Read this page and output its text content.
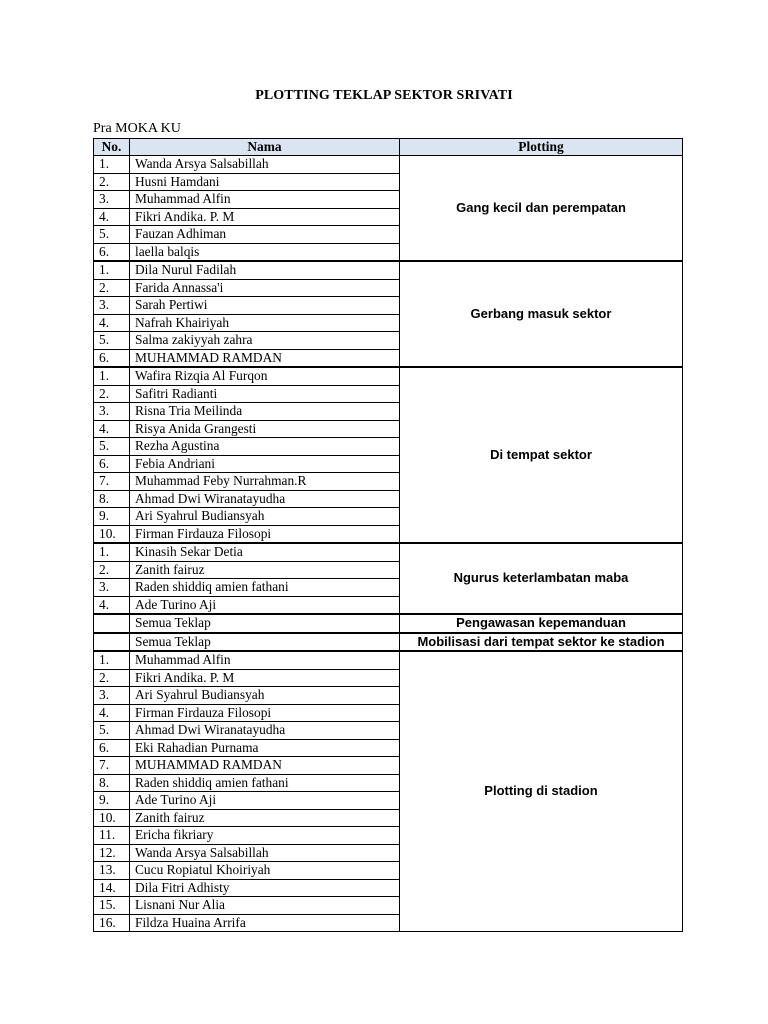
PLOTTING TEKLAP SEKTOR SRIVATI
Pra MOKA KU
No.	Nama	Plotting
1.	Wanda Arsya Salsabillah	Gang kecil dan perempatan
2.	Husni Hamdani	
3.	Muhammad Alfin	
4.	Fikri Andika. P. M	
5.	Fauzan Adhiman	
6.	laella balqis	
1.	Dila Nurul Fadilah	Gerbang masuk sektor
2.	Farida Annassa'i	
3.	Sarah Pertiwi	
4.	Nafrah Khairiyah	
5.	Salma zakiyyah zahra	
6.	MUHAMMAD RAMDAN	
1.	Wafira Rizqia Al Furqon	Di tempat sektor
2.	Safitri Radianti	
3.	Risna Tria Meilinda	
4.	Risya Anida Grangesti	
5.	Rezha Agustina	
6.	Febia Andriani	
7.	Muhammad Feby Nurrahman.R	
8.	Ahmad Dwi Wiranatayudha	
9.	Ari Syahrul Budiansyah	
10.	Firman Firdauza Filosopi	
1.	Kinasih Sekar Detia	Ngurus keterlambatan maba
2.	Zanith fairuz	
3.	Raden shiddiq amien fathani	
4.	Ade Turino Aji	
	Semua Teklap	Pengawasan kepemanduan
	Semua Teklap	Mobilisasi dari tempat sektor ke stadion
1.	Muhammad Alfin	Plotting di stadion
2.	Fikri Andika. P. M	
3.	Ari Syahrul Budiansyah	
4.	Firman Firdauza Filosopi	
5.	Ahmad Dwi Wiranatayudha	
6.	Eki Rahadian Purnama	
7.	MUHAMMAD RAMDAN	
8.	Raden shiddiq amien fathani	
9.	Ade Turino Aji	
10.	Zanith fairuz	
11.	Ericha fikriary	
12.	Wanda Arsya Salsabillah	
13.	Cucu Ropiatul Khoiriyah	
14.	Dila Fitri Adhisty	
15.	Lisnani Nur Alia	
16.	Fildza Huaina Arrifa	
